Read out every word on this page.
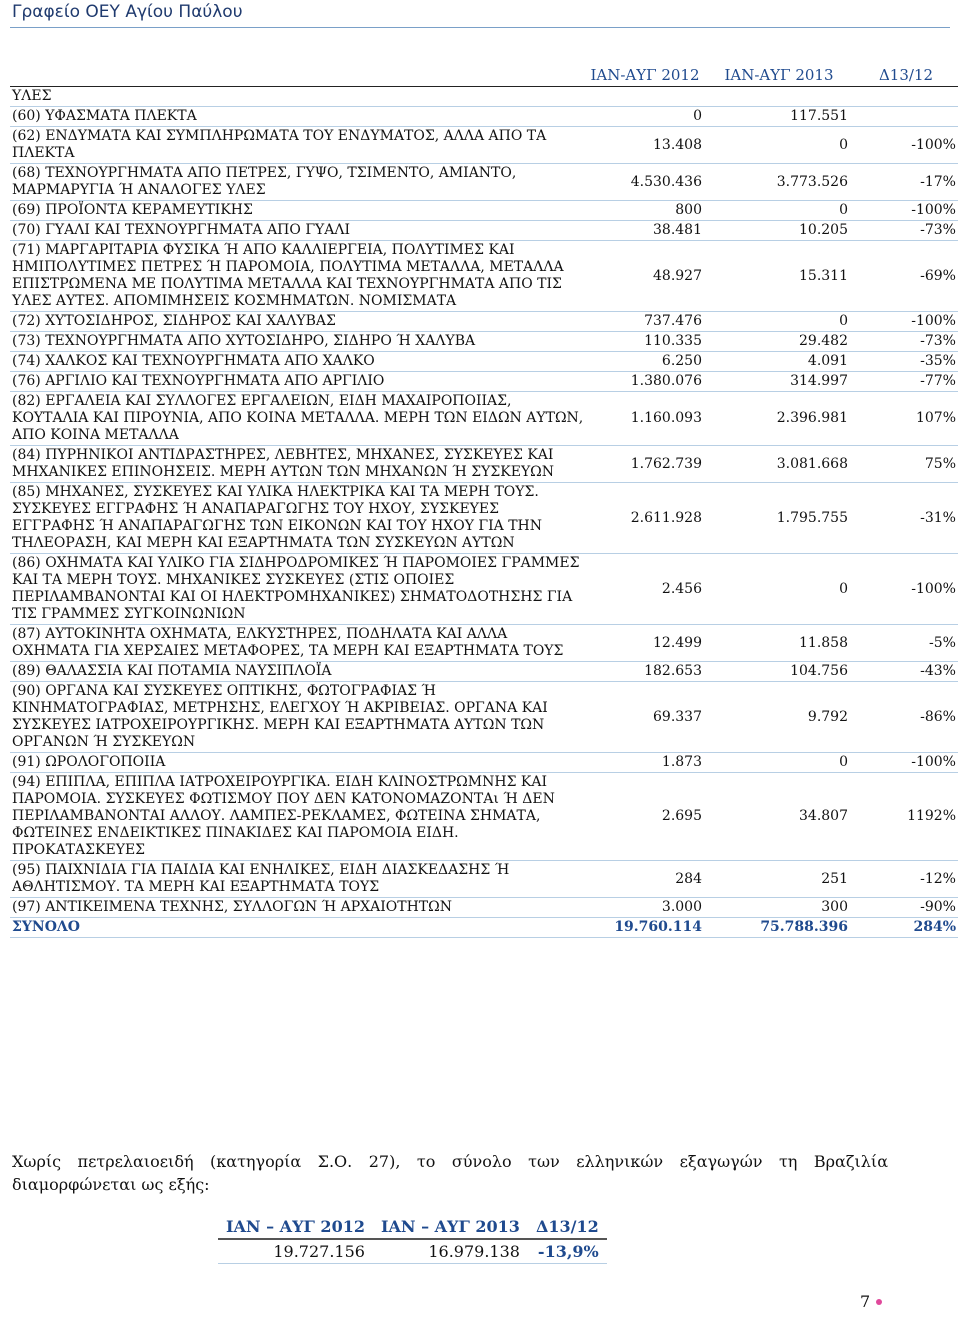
Γραφείο ΟΕΥ Αγίου Παύλου
	ΙΑΝ-ΑΥΓ 2012	ΙΑΝ-ΑΥΓ 2013	Δ13/12
ΥΛΕΣ			
(60) ΥΦΑΣΜΑΤΑ ΠΛΕΚΤΑ	0	117.551	
(62) ΕΝΔΥΜΑΤΑ ΚΑΙ ΣΥΜΠΛΗΡΩΜΑΤΑ ΤΟΥ ΕΝΔΥΜΑΤΟΣ, ΑΛΛΑ ΑΠΟ ΤΑ ΠΛΕΚΤΑ	13.408	0	-100%
(68) ΤΕΧΝΟΥΡΓΗΜΑΤΑ ΑΠΟ ΠΕΤΡΕΣ, ΓΥΨΟ, ΤΣΙΜΕΝΤΟ, ΑΜΙΑΝΤΟ, ΜΑΡΜΑΡΥΓΙΑ Ή ΑΝΑΛΟΓΕΣ ΥΛΕΣ	4.530.436	3.773.526	-17%
(69) ΠΡΟΪΟΝΤΑ ΚΕΡΑΜΕΥΤΙΚΗΣ	800	0	-100%
(70) ΓΥΑΛΙ ΚΑΙ ΤΕΧΝΟΥΡΓΗΜΑΤΑ ΑΠΟ ΓΥΑΛΙ	38.481	10.205	-73%
(71) ΜΑΡΓΑΡΙΤΑΡΙΑ ΦΥΣΙΚΑ Ή ΑΠΟ ΚΑΛΛΙΕΡΓΕΙΑ, ΠΟΛΥΤΙΜΕΣ ΚΑΙ ΗΜΙΠΟΛΥΤΙΜΕΣ ΠΕΤΡΕΣ Ή ΠΑΡΟΜΟΙΑ, ΠΟΛΥΤΙΜΑ ΜΕΤΑΛΛΑ, ΜΕΤΑΛΛΑ ΕΠΙΣΤΡΩΜΕΝΑ ΜΕ ΠΟΛΥΤΙΜΑ ΜΕΤΑΛΛΑ ΚΑΙ ΤΕΧΝΟΥΡΓΗΜΑΤΑ ΑΠΟ ΤΙΣ ΥΛΕΣ ΑΥΤΕΣ. ΑΠΟΜΙΜΗΣΕΙΣ ΚΟΣΜΗΜΑΤΩΝ. ΝΟΜΙΣΜΑΤΑ	48.927	15.311	-69%
(72) ΧΥΤΟΣΙΔΗΡΟΣ, ΣΙΔΗΡΟΣ ΚΑΙ ΧΑΛΥΒΑΣ	737.476	0	-100%
(73) ΤΕΧΝΟΥΡΓΗΜΑΤΑ ΑΠΟ ΧΥΤΟΣΙΔΗΡΟ, ΣΙΔΗΡΟ Ή ΧΑΛΥΒΑ	110.335	29.482	-73%
(74) ΧΑΛΚΟΣ ΚΑΙ ΤΕΧΝΟΥΡΓΗΜΑΤΑ ΑΠΟ ΧΑΛΚΟ	6.250	4.091	-35%
(76) ΑΡΓΙΛΙΟ ΚΑΙ ΤΕΧΝΟΥΡΓΗΜΑΤΑ ΑΠΟ ΑΡΓΙΛΙΟ	1.380.076	314.997	-77%
(82) ΕΡΓΑΛΕΙΑ ΚΑΙ ΣΥΛΛΟΓΕΣ ΕΡΓΑΛΕΙΩΝ, ΕΙΔΗ ΜΑΧΑΙΡΟΠΟΙΙΑΣ, ΚΟΥΤΑΛΙΑ ΚΑΙ ΠΙΡΟΥΝΙΑ, ΑΠΟ ΚΟΙΝΑ ΜΕΤΑΛΛΑ. ΜΕΡΗ ΤΩΝ ΕΙΔΩΝ ΑΥΤΩΝ, ΑΠΟ ΚΟΙΝΑ ΜΕΤΑΛΛΑ	1.160.093	2.396.981	107%
(84) ΠΥΡΗΝΙΚΟΙ ΑΝΤΙΔΡΑΣΤΗΡΕΣ, ΛΕΒΗΤΕΣ, ΜΗΧΑΝΕΣ, ΣΥΣΚΕΥΕΣ ΚΑΙ ΜΗΧΑΝΙΚΕΣ ΕΠΙΝΟΗΣΕΙΣ. ΜΕΡΗ ΑΥΤΩΝ ΤΩΝ ΜΗΧΑΝΩΝ Ή ΣΥΣΚΕΥΩΝ	1.762.739	3.081.668	75%
(85) ΜΗΧΑΝΕΣ, ΣΥΣΚΕΥΕΣ ΚΑΙ ΥΛΙΚΑ ΗΛΕΚΤΡΙΚΑ ΚΑΙ ΤΑ ΜΕΡΗ ΤΟΥΣ. ΣΥΣΚΕΥΕΣ ΕΓΓΡΑΦΗΣ Ή ΑΝΑΠΑΡΑΓΩΓΗΣ ΤΟΥ ΗΧΟΥ, ΣΥΣΚΕΥΕΣ ΕΓΓΡΑΦΗΣ Ή ΑΝΑΠΑΡΑΓΩΓΗΣ ΤΩΝ ΕΙΚΟΝΩΝ ΚΑΙ ΤΟΥ ΗΧΟΥ ΓΙΑ ΤΗΝ ΤΗΛΕΟΡΑΣΗ, ΚΑΙ ΜΕΡΗ ΚΑΙ ΕΞΑΡΤΗΜΑΤΑ ΤΩΝ ΣΥΣΚΕΥΩΝ ΑΥΤΩΝ	2.611.928	1.795.755	-31%
(86) ΟΧΗΜΑΤΑ ΚΑΙ ΥΛΙΚΟ ΓΙΑ ΣΙΔΗΡΟΔΡΟΜΙΚΕΣ Ή ΠΑΡΟΜΟΙΕΣ ΓΡΑΜΜΕΣ ΚΑΙ ΤΑ ΜΕΡΗ ΤΟΥΣ. ΜΗΧΑΝΙΚΕΣ ΣΥΣΚΕΥΕΣ (ΣΤΙΣ ΟΠΟΙΕΣ ΠΕΡΙΛΑΜΒΑΝΟΝΤΑΙ ΚΑΙ ΟΙ ΗΛΕΚΤΡΟΜΗΧΑΝΙΚΕΣ) ΣΗΜΑΤΟΔΟΤΗΣΗΣ ΓΙΑ ΤΙΣ ΓΡΑΜΜΕΣ ΣΥΓΚΟΙΝΩΝΙΩΝ	2.456	0	-100%
(87) ΑΥΤΟΚΙΝΗΤΑ ΟΧΗΜΑΤΑ, ΕΛΚΥΣΤΗΡΕΣ, ΠΟΔΗΛΑΤΑ ΚΑΙ ΑΛΛΑ ΟΧΗΜΑΤΑ ΓΙΑ ΧΕΡΣΑΙΕΣ ΜΕΤΑΦΟΡΕΣ, ΤΑ ΜΕΡΗ ΚΑΙ ΕΞΑΡΤΗΜΑΤΑ ΤΟΥΣ	12.499	11.858	-5%
(89) ΘΑΛΑΣΣΙΑ ΚΑΙ ΠΟΤΑΜΙΑ ΝΑΥΣΙΠΛΟΪΑ	182.653	104.756	-43%
(90) ΟΡΓΑΝΑ ΚΑΙ ΣΥΣΚΕΥΕΣ ΟΠΤΙΚΗΣ, ΦΩΤΟΓΡΑΦΙΑΣ Ή ΚΙΝΗΜΑΤΟΓΡΑΦΙΑΣ, ΜΕΤΡΗΣΗΣ, ΕΛΕΓΧΟΥ Ή ΑΚΡΙΒΕΙΑΣ. ΟΡΓΑΝΑ ΚΑΙ ΣΥΣΚΕΥΕΣ ΙΑΤΡΟΧΕΙΡΟΥΡΓΙΚΗΣ. ΜΕΡΗ ΚΑΙ ΕΞΑΡΤΗΜΑΤΑ ΑΥΤΩΝ ΤΩΝ ΟΡΓΑΝΩΝ Ή ΣΥΣΚΕΥΩΝ	69.337	9.792	-86%
(91) ΩΡΟΛΟΓΟΠΟΙΙΑ	1.873	0	-100%
(94) ΕΠΙΠΛΑ, ΕΠΙΠΛΑ ΙΑΤΡΟΧΕΙΡΟΥΡΓΙΚΑ. ΕΙΔΗ ΚΛΙΝΟΣΤΡΩΜΝΗΣ ΚΑΙ ΠΑΡΟΜΟΙΑ. ΣΥΣΚΕΥΕΣ ΦΩΤΙΣΜΟΥ ΠΟΥ ΔΕΝ ΚΑΤΟΝΟΜΑΖΟΝΤΑι Ή ΔΕΝ ΠΕΡΙΛΑΜΒΑΝΟΝΤΑΙ ΑΛΛΟΥ. ΛΑΜΠΕΣ-ΡΕΚΛΑΜΕΣ, ΦΩΤΕΙΝΑ ΣΗΜΑΤΑ, ΦΩΤΕΙΝΕΣ ΕΝΔΕΙΚΤΙΚΕΣ ΠΙΝΑΚΙΔΕΣ ΚΑΙ ΠΑΡΟΜΟΙΑ ΕΙΔΗ. ΠΡΟΚΑΤΑΣΚΕΥΕΣ	2.695	34.807	1192%
(95) ΠΑΙΧΝΙΔΙΑ ΓΙΑ ΠΑΙΔΙΑ ΚΑΙ ΕΝΗΛΙΚΕΣ, ΕΙΔΗ ΔΙΑΣΚΕΔΑΣΗΣ Ή ΑΘΛΗΤΙΣΜΟΥ. ΤΑ ΜΕΡΗ ΚΑΙ ΕΞΑΡΤΗΜΑΤΑ ΤΟΥΣ	284	251	-12%
(97) ΑΝΤΙΚΕΙΜΕΝΑ ΤΕΧΝΗΣ, ΣΥΛΛΟΓΩΝ Ή ΑΡΧΑΙΟΤΗΤΩΝ	3.000	300	-90%
ΣΥΝΟΛΟ	19.760.114	75.788.396	284%
Χωρίς πετρελαιοειδή (κατηγορία Σ.Ο. 27), το σύνολο των ελληνικών εξαγωγών τη Βραζιλία διαμορφώνεται ως εξής:
ΙΑΝ – ΑΥΓ 2012	ΙΑΝ – ΑΥΓ 2013	Δ13/12
19.727.156	16.979.138	-13,9%
7
